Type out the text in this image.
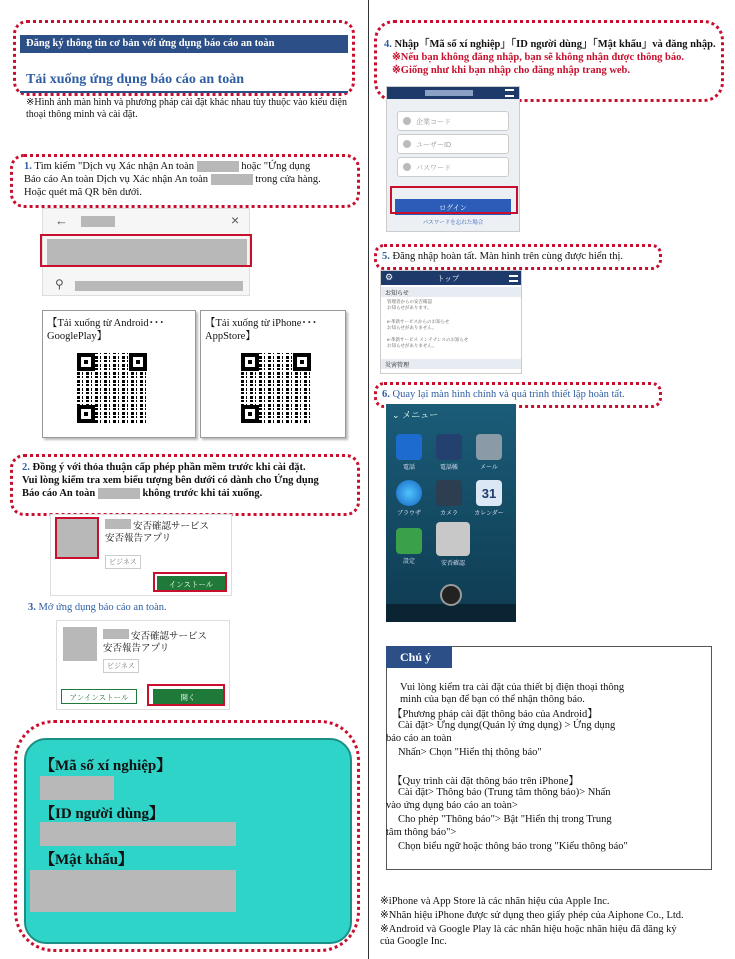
Đăng ký thông tin cơ bản với ứng dụng báo cáo an toàn
Tải xuống ứng dụng báo cáo an toàn
※Hình ảnh màn hình và phương pháp cài đặt khác nhau tùy thuộc vào kiểu điện thoại thông minh và cài đặt.
1. Tìm kiếm "Dịch vụ Xác nhận An toàn	hoặc "Ứng dụng
Báo cáo An toàn Dịch vụ Xác nhận An toàn	trong cửa hàng.
Hoặc quét mã QR bên dưới.
←	×
⚲
【Tải xuống từ Android･･･GooglePlay】
【Tải xuống từ iPhone･･･AppStore】
2. Đồng ý với thỏa thuận cấp phép phần mềm trước khi cài đặt.
Vui lòng kiểm tra xem biểu tượng bên dưới có dành cho Ứng dụng
Báo cáo An toàn	không trước khi tải xuống.
安否確認サービス
安否報告アプリ
ビジネス
インストール
3. Mở ứng dụng báo cáo an toàn.
安否確認サービス
安否報告アプリ
ビジネス
アンインストール	開く
【Mã số xí nghiệp】
【ID người dùng】
【Mật khẩu】
4. Nhập「Mã số xí nghiệp」「ID người dùng」「Mật khẩu」và đăng nhập.
※Nếu bạn không đăng nhập, bạn sẽ không nhận được thông báo.
※Giống như khi bạn nhập cho đăng nhập trang web.
企業コード
ユーザーID
パスワード
ログイン
パスワードを忘れた場合
5. Đăng nhập hoàn tất. Màn hình trên cùng được hiển thị.
⚙	トップ
お知らせ
管理者からの安否確認
お知らせがあります。
e-革新サービスからのお知らせ
お知らせがありません。
e-革新サービス メンテナンスのお知らせ
お知らせがありません。
災害管理
6. Quay lại màn hình chính và quá trình thiết lập hoàn tất.
⌄ メニュー
電話	電話帳	メール
ブラウザ	カメラ
31
カレンダー
設定	安否確認
Chú ý
Vui lòng kiểm tra cài đặt của thiết bị điện thoại thông
minh của bạn để bạn có thể nhận thông báo.
【Phương pháp cài đặt thông báo của Android】
Cài đặt> Ứng dụng(Quản lý ứng dụng) > Ứng dụng
báo cáo an toàn
Nhấn> Chọn "Hiển thị thông báo"
【Quy trình cài đặt thông báo trên iPhone】
Cài đặt> Thông báo (Trung tâm thông báo)> Nhấn
vào ứng dụng báo cáo an toàn>
Cho phép "Thông báo"> Bật "Hiển thị trong Trung
tâm thông báo">
Chọn biểu ngữ hoặc thông báo trong "Kiểu thông báo"
※iPhone và App Store là các nhãn hiệu của Apple Inc.
※Nhãn hiệu iPhone được sử dụng theo giấy phép của Aiphone Co., Ltd.
※Android và Google Play là các nhãn hiệu hoặc nhãn hiệu đã đăng ký
của Google Inc.
